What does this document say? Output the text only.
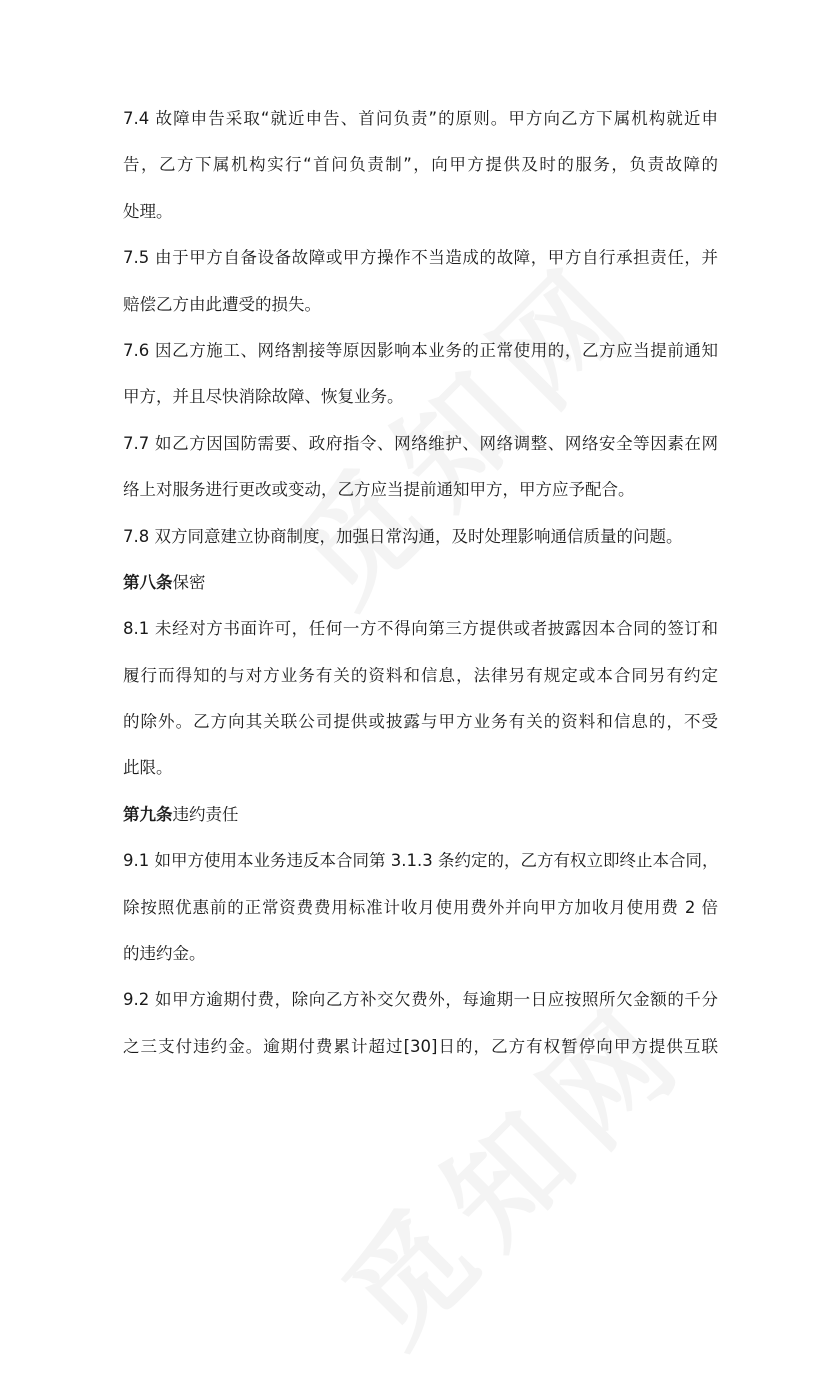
7.4 故障申告采取“就近申告、首问负责”的原则。甲方向乙方下属机构就近申
告，乙方下属机构实行“首问负责制”，向甲方提供及时的服务，负责故障的
处理。
7.5 由于甲方自备设备故障或甲方操作不当造成的故障，甲方自行承担责任，并
赔偿乙方由此遭受的损失。
7.6 因乙方施工、网络割接等原因影响本业务的正常使用的，乙方应当提前通知
甲方，并且尽快消除故障、恢复业务。
7.7 如乙方因国防需要、政府指令、网络维护、网络调整、网络安全等因素在网
络上对服务进行更改或变动，乙方应当提前通知甲方，甲方应予配合。
7.8 双方同意建立协商制度，加强日常沟通，及时处理影响通信质量的问题。
第八条保密
8.1 未经对方书面许可，任何一方不得向第三方提供或者披露因本合同的签订和
履行而得知的与对方业务有关的资料和信息，法律另有规定或本合同另有约定
的除外。乙方向其关联公司提供或披露与甲方业务有关的资料和信息的，不受
此限。
第九条违约责任
9.1 如甲方使用本业务违反本合同第 3.1.3 条约定的，乙方有权立即终止本合同，
除按照优惠前的正常资费费用标准计收月使用费外并向甲方加收月使用费 2 倍
的违约金。
9.2 如甲方逾期付费，除向乙方补交欠费外，每逾期一日应按照所欠金额的千分
之三支付违约金。逾期付费累计超过[30]日的，乙方有权暂停向甲方提供互联
